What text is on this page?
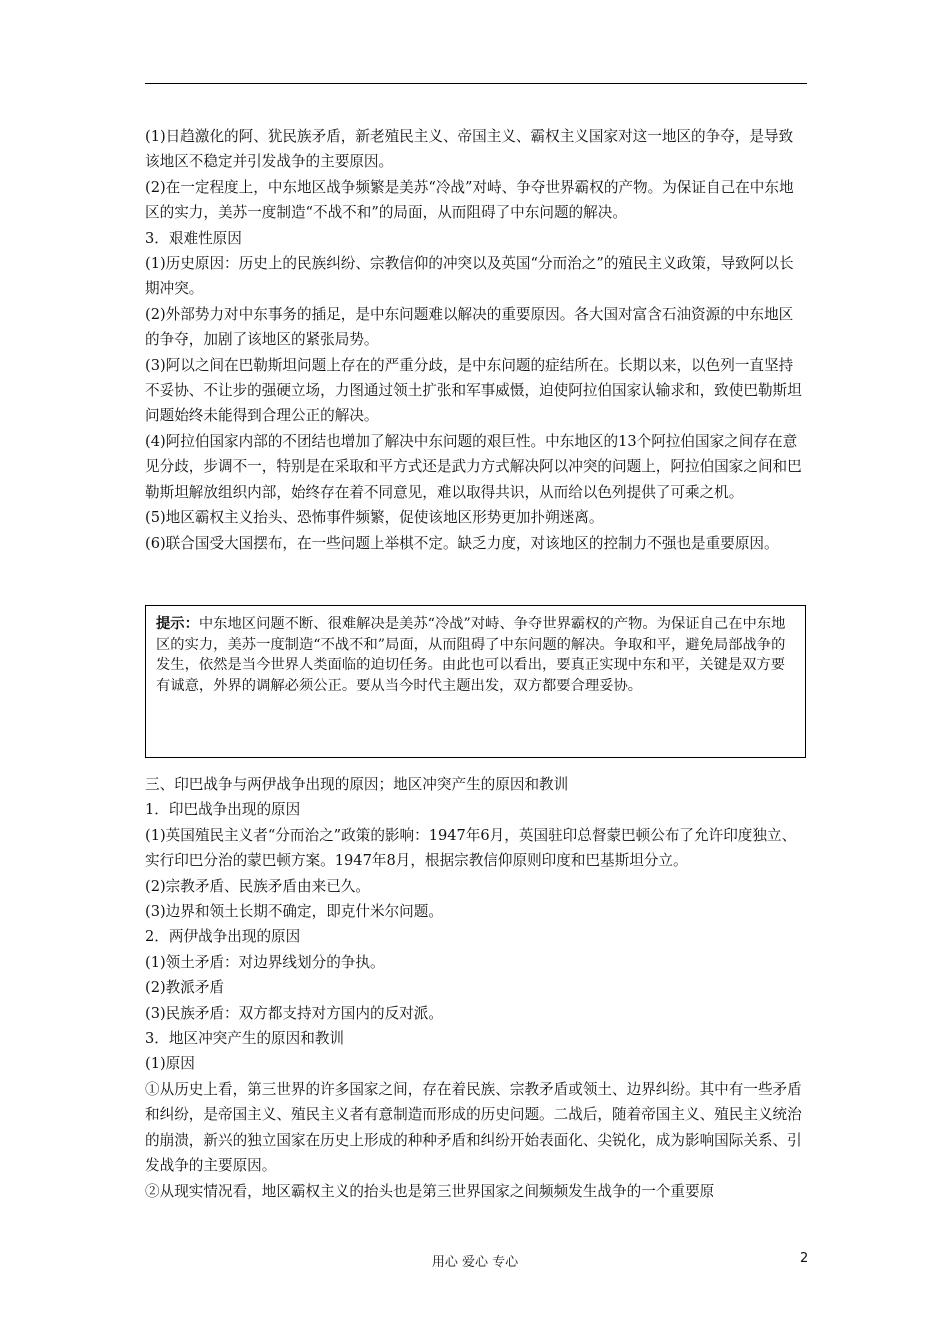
(1)日趋激化的阿、犹民族矛盾，新老殖民主义、帝国主义、霸权主义国家对这一地区的争夺，是导致该地区不稳定并引发战争的主要原因。

(2)在一定程度上，中东地区战争频繁是美苏“冷战”对峙、争夺世界霸权的产物。为保证自己在中东地区的实力，美苏一度制造“不战不和”的局面，从而阻碍了中东问题的解决。

3．艰难性原因

(1)历史原因：历史上的民族纠纷、宗教信仰的冲突以及英国“分而治之”的殖民主义政策，导致阿以长期冲突。

(2)外部势力对中东事务的插足，是中东问题难以解决的重要原因。各大国对富含石油资源的中东地区的争夺，加剧了该地区的紧张局势。

(3)阿以之间在巴勒斯坦问题上存在的严重分歧，是中东问题的症结所在。长期以来，以色列一直坚持不妥协、不让步的强硬立场，力图通过领土扩张和军事威慑，迫使阿拉伯国家认输求和，致使巴勒斯坦问题始终未能得到合理公正的解决。

(4)阿拉伯国家内部的不团结也增加了解决中东问题的艰巨性。中东地区的13个阿拉伯国家之间存在意见分歧，步调不一，特别是在采取和平方式还是武力方式解决阿以冲突的问题上，阿拉伯国家之间和巴勒斯坦解放组织内部，始终存在着不同意见，难以取得共识，从而给以色列提供了可乘之机。

(5)地区霸权主义抬头、恐怖事件频繁，促使该地区形势更加扑朔迷离。

(6)联合国受大国摆布，在一些问题上举棋不定。缺乏力度，对该地区的控制力不强也是重要原因。

提示：中东地区问题不断、很难解决是美苏“冷战”对峙、争夺世界霸权的产物。为保证自己在中东地区的实力，美苏一度制造“不战不和”局面，从而阻碍了中东问题的解决。争取和平，避免局部战争的发生，依然是当今世界人类面临的迫切任务。由此也可以看出，要真正实现中东和平，关键是双方要有诚意，外界的调解必须公正。要从当今时代主题出发，双方都要合理妥协。

三、印巴战争与两伊战争出现的原因；地区冲突产生的原因和教训

1．印巴战争出现的原因

(1)英国殖民主义者“分而治之”政策的影响：1947年6月，英国驻印总督蒙巴顿公布了允许印度独立、实行印巴分治的蒙巴顿方案。1947年8月，根据宗教信仰原则印度和巴基斯坦分立。

(2)宗教矛盾、民族矛盾由来已久。

(3)边界和领土长期不确定，即克什米尔问题。

2．两伊战争出现的原因

(1)领土矛盾：对边界线划分的争执。

(2)教派矛盾

(3)民族矛盾：双方都支持对方国内的反对派。

3．地区冲突产生的原因和教训

(1)原因

①从历史上看，第三世界的许多国家之间，存在着民族、宗教矛盾或领土、边界纠纷。其中有一些矛盾和纠纷，是帝国主义、殖民主义者有意制造而形成的历史问题。二战后，随着帝国主义、殖民主义统治的崩溃，新兴的独立国家在历史上形成的种种矛盾和纠纷开始表面化、尖锐化，成为影响国际关系、引发战争的主要原因。

②从现实情况看，地区霸权主义的抬头也是第三世界国家之间频频发生战争的一个重要原

用心 爱心 专心	2
